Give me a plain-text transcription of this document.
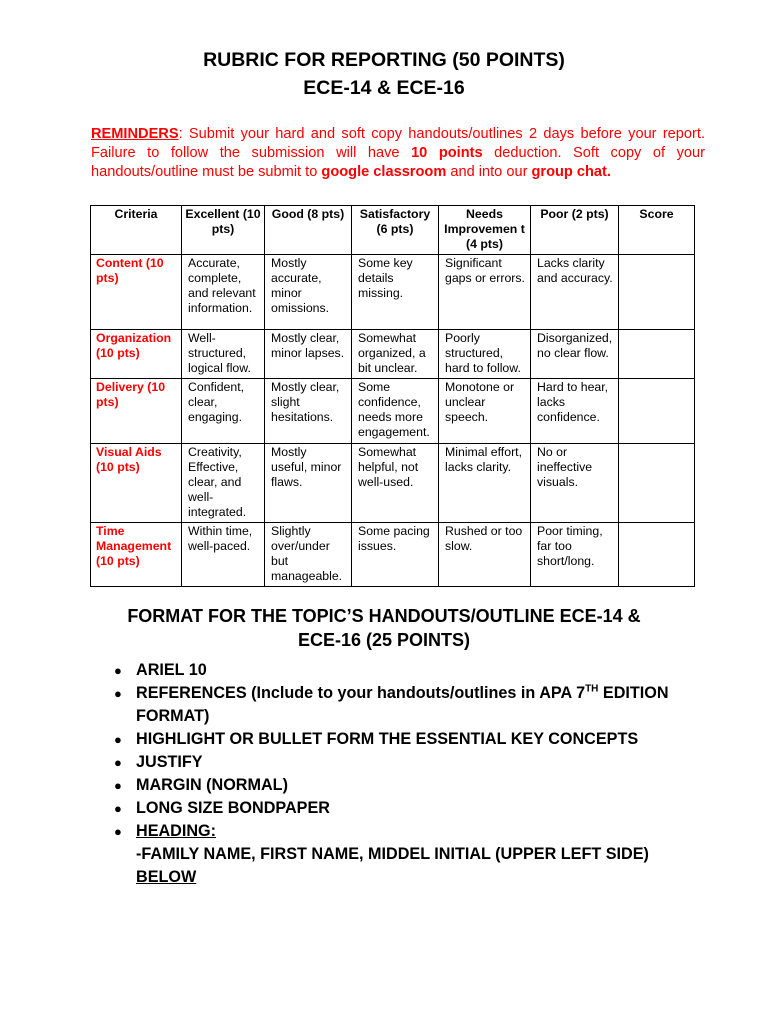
RUBRIC FOR REPORTING (50 POINTS)
ECE-14 & ECE-16
REMINDERS: Submit your hard and soft copy handouts/outlines 2 days before your report. Failure to follow the submission will have 10 points deduction. Soft copy of your handouts/outline must be submit to google classroom and into our group chat.
Criteria	Excellent (10 pts)	Good (8 pts)	Satisfactory (6 pts)	Needs Improvemen t (4 pts)	Poor (2 pts)	Score
Content (10 pts)	Accurate, complete, and relevant information.	Mostly accurate, minor omissions.	Some key details missing.	Significant gaps or errors.	Lacks clarity and accuracy.	
Organization (10 pts)	Well-structured, logical flow.	Mostly clear, minor lapses.	Somewhat organized, a bit unclear.	Poorly structured, hard to follow.	Disorganized, no clear flow.	
Delivery (10 pts)	Confident, clear, engaging.	Mostly clear, slight hesitations.	Some confidence, needs more engagement.	Monotone or unclear speech.	Hard to hear, lacks confidence.	
Visual Aids (10 pts)	Creativity, Effective, clear, and well-integrated.	Mostly useful, minor flaws.	Somewhat helpful, not well-used.	Minimal effort, lacks clarity.	No or ineffective visuals.	
Time Management (10 pts)	Within time, well-paced.	Slightly over/under but manageable.	Some pacing issues.	Rushed or too slow.	Poor timing, far too short/long.	
FORMAT FOR THE TOPIC’S HANDOUTS/OUTLINE ECE-14 &
ECE-16 (25 POINTS)
● ARIEL 10
● REFERENCES (Include to your handouts/outlines in APA 7TH EDITION FORMAT)
● HIGHLIGHT OR BULLET FORM THE ESSENTIAL KEY CONCEPTS
● JUSTIFY
● MARGIN (NORMAL)
● LONG SIZE BONDPAPER
● HEADING:
-FAMILY NAME, FIRST NAME, MIDDEL INITIAL (UPPER LEFT SIDE)
BELOW
